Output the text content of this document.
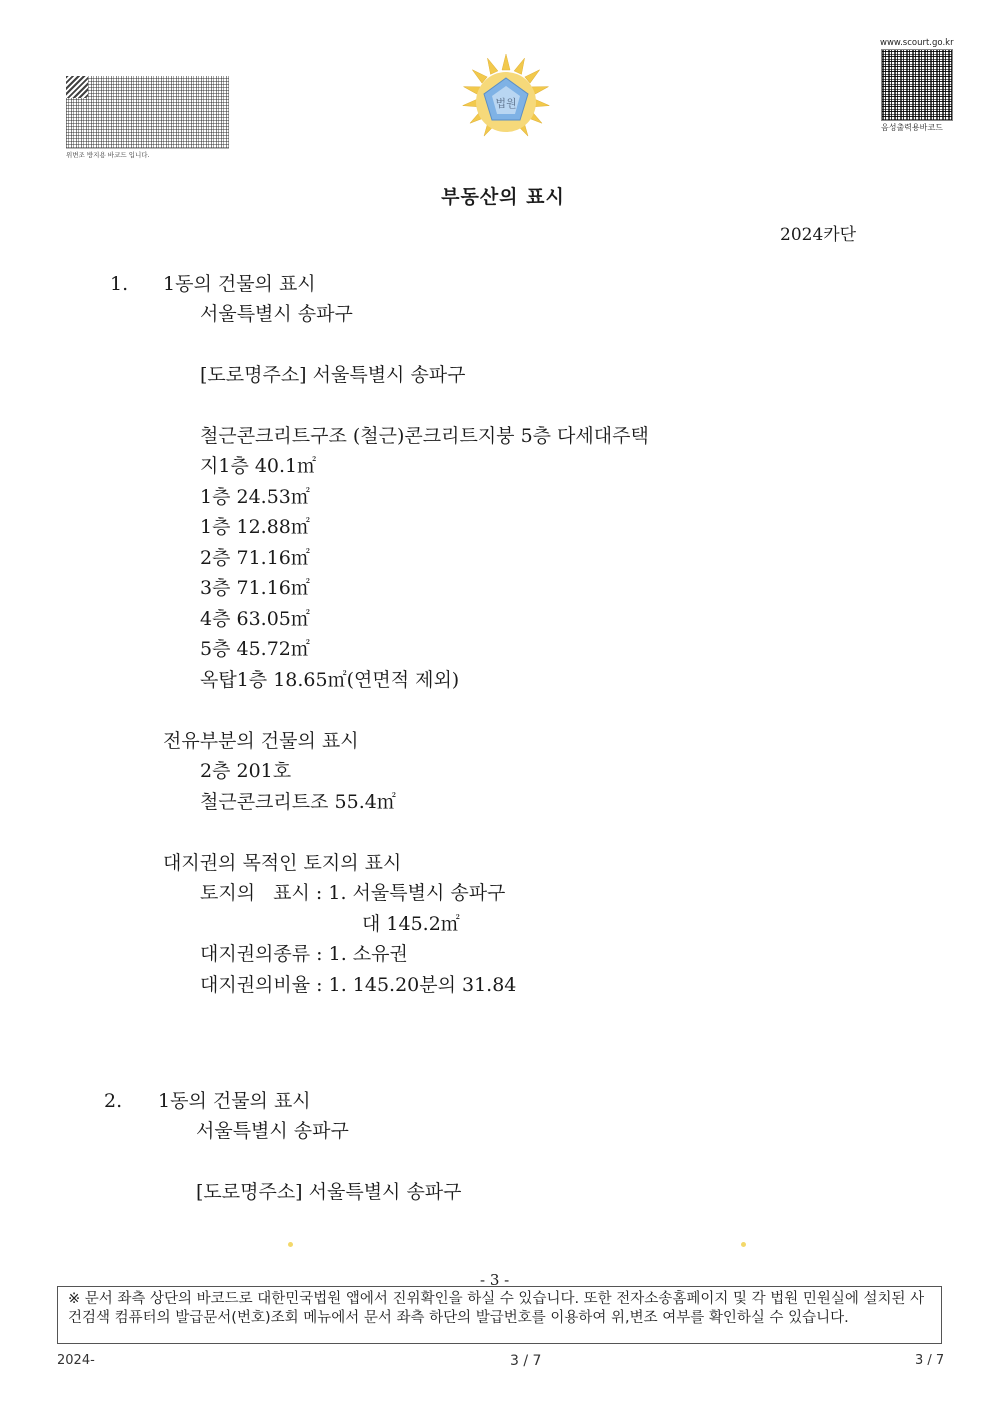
위변조 방지용 바코드 입니다.
법원
www.scourt.go.kr
음성출력용바코드
부동산의 표시
2024카단
1. 1동의 건물의 표시
서울특별시 송파구
[도로명주소] 서울특별시 송파구
철근콘크리트구조 (철근)콘크리트지붕 5층 다세대주택
지1층 40.1㎡
1층 24.53㎡
1층 12.88㎡
2층 71.16㎡
3층 71.16㎡
4층 63.05㎡
5층 45.72㎡
옥탑1층 18.65㎡(연면적 제외)
전유부분의 건물의 표시
2층 201호
철근콘크리트조 55.4㎡
대지권의 목적인 토지의 표시
토지의   표시 : 1. 서울특별시 송파구
대 145.2㎡
대지권의종류 : 1. 소유권
대지권의비율 : 1. 145.20분의 31.84
2. 1동의 건물의 표시
서울특별시 송파구
[도로명주소] 서울특별시 송파구
- 3 -
※ 문서 좌측 상단의 바코드로 대한민국법원 앱에서 진위확인을 하실 수 있습니다. 또한 전자소송홈페이지 및 각 법원 민원실에 설치된 사건검색 컴퓨터의 발급문서(번호)조회 메뉴에서 문서 좌측 하단의 발급번호를 이용하여 위,변조 여부를 확인하실 수 있습니다.
2024-	3 / 7	3 / 7
